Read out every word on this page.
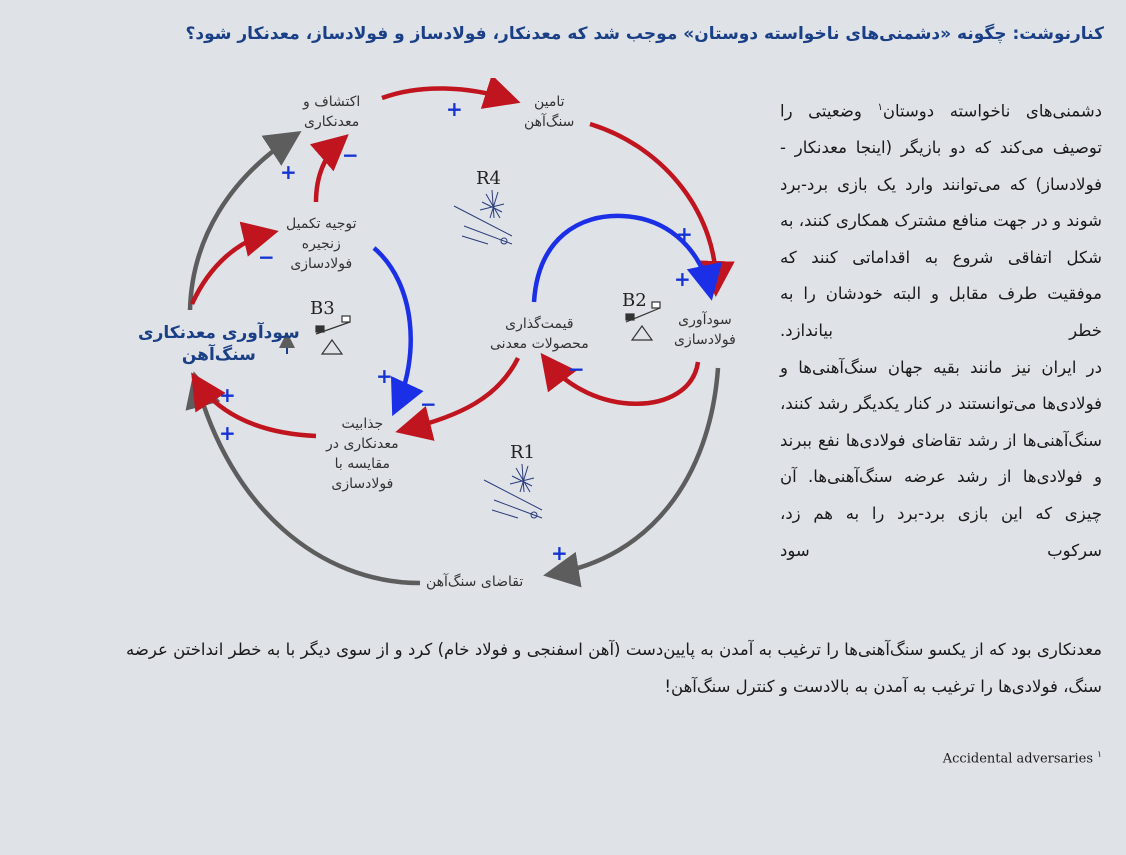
کنارنوشت: چگونه «دشمنی‌های ناخواسته دوستان» موجب شد که معدنکار، فولادساز و فولادساز، معدنکار شود؟
+
−
+
−
+
+
+
−
−
+
+
+
اکتشاف و
معدنکاری
تامین
سنگ‌آهن
توجیه تکمیل
زنجیره
فولادسازی
سودآوری معدنکاری
سنگ‌آهن
قیمت‌گذاری
محصولات معدنی
سودآوری
فولادسازی
جذابیت
معدنکاری در
مقایسه با
فولادسازی
تقاضای سنگ‌آهن
R4
B3	B2
R1

دشمنی‌های ناخواسته دوستان$^۱$ وضعیتی را توصیف می‌کند که دو بازیگر (اینجا معدنکار - فولادساز) که می‌توانند وارد یک بازی برد-برد شوند و در جهت منافع مشترک همکاری کنند، به شکل اتفاقی شروع به اقداماتی کنند که موفقیت طرف مقابل و البته خودشان را به خطر بیاندازد.

در ایران نیز مانند بقیه جهان سنگ‌آهنی‌ها و فولادی‌ها می‌توانستند در کنار یکدیگر رشد کنند، سنگ‌آهنی‌ها از رشد تقاضای فولادی‌ها نفع ببرند و فولادی‌ها از رشد عرضه سنگ‌آهنی‌ها. آن چیزی که این بازی برد-برد را به هم زد، سرکوب سود

معدنکاری بود که از یکسو سنگ‌آهنی‌ها را ترغیب به آمدن به پایین‌دست (آهن اسفنجی و فولاد خام) کرد و از سوی دیگر با به خطر انداختن عرضه سنگ، فولادی‌ها را ترغیب به آمدن به بالادست و کنترل سنگ‌آهن!
Accidental adversaries $^۱$
